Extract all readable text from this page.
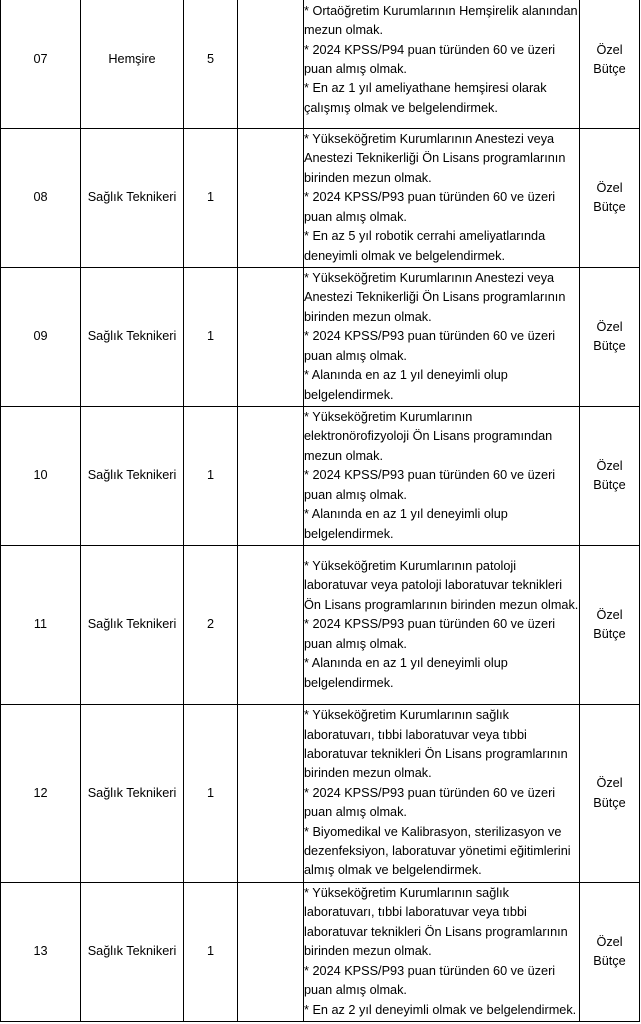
07	Hemşire	5		* Ortaöğretim Kurumlarının Hemşirelik alanından mezun olmak.
* 2024 KPSS/P94 puan türünden 60 ve üzeri puan almış olmak.
* En az 1 yıl ameliyathane hemşiresi olarak çalışmış olmak ve belgelendirmek.	Özel
Bütçe

08	Sağlık Teknikeri	1		* Yükseköğretim Kurumlarının Anestezi veya Anestezi Teknikerliği Ön Lisans programlarının birinden mezun olmak.
* 2024 KPSS/P93 puan türünden 60 ve üzeri puan almış olmak.
* En az 5 yıl robotik cerrahi ameliyatlarında deneyimli olmak ve belgelendirmek.	Özel
Bütçe

09	Sağlık Teknikeri	1		* Yükseköğretim Kurumlarının Anestezi veya Anestezi Teknikerliği Ön Lisans programlarının birinden mezun olmak.
* 2024 KPSS/P93 puan türünden 60 ve üzeri puan almış olmak.
* Alanında en az 1 yıl deneyimli olup belgelendirmek.	Özel
Bütçe

10	Sağlık Teknikeri	1		* Yükseköğretim Kurumlarının elektronörofizyoloji Ön Lisans programından mezun olmak.
* 2024 KPSS/P93 puan türünden 60 ve üzeri puan almış olmak.
* Alanında en az 1 yıl deneyimli olup belgelendirmek.	Özel
Bütçe

11	Sağlık Teknikeri	2		* Yükseköğretim Kurumlarının patoloji laboratuvar veya patoloji laboratuvar teknikleri Ön Lisans programlarının birinden mezun olmak.
* 2024 KPSS/P93 puan türünden 60 ve üzeri puan almış olmak.
* Alanında en az 1 yıl deneyimli olup belgelendirmek.	Özel
Bütçe

12	Sağlık Teknikeri	1		* Yükseköğretim Kurumlarının sağlık laboratuvarı, tıbbi laboratuvar veya tıbbi laboratuvar teknikleri Ön Lisans programlarının birinden mezun olmak.
* 2024 KPSS/P93 puan türünden 60 ve üzeri puan almış olmak.
* Biyomedikal ve Kalibrasyon, sterilizasyon ve dezenfeksiyon, laboratuvar yönetimi eğitimlerini almış olmak ve belgelendirmek.	Özel
Bütçe

13	Sağlık Teknikeri	1		* Yükseköğretim Kurumlarının sağlık laboratuvarı, tıbbi laboratuvar veya tıbbi laboratuvar teknikleri Ön Lisans programlarının birinden mezun olmak.
* 2024 KPSS/P93 puan türünden 60 ve üzeri puan almış olmak.
* En az 2 yıl deneyimli olmak ve belgelendirmek.	Özel
Bütçe
